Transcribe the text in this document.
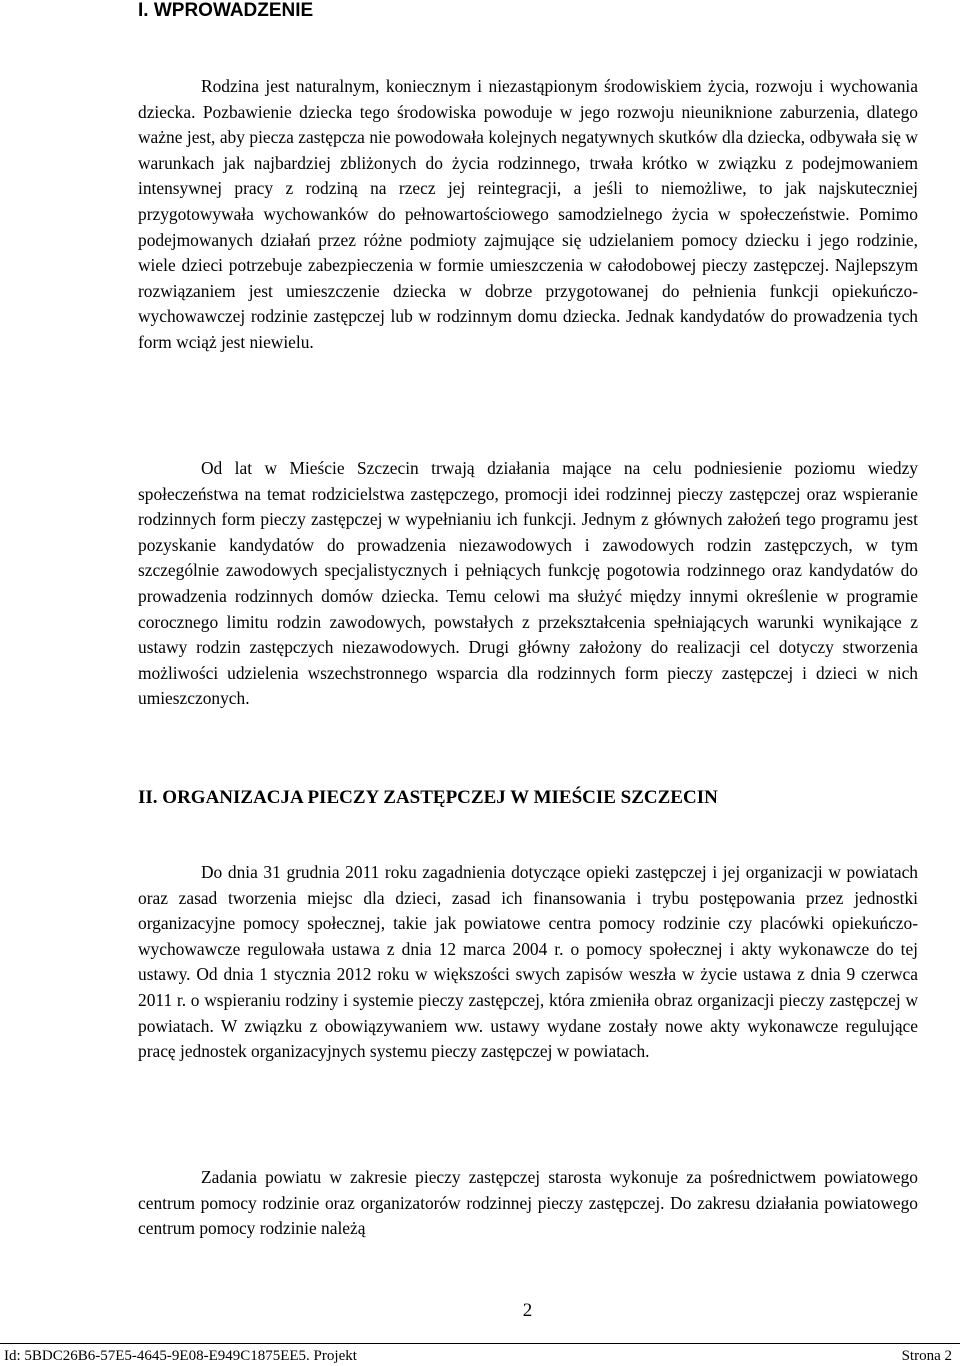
I. WPROWADZENIE

Rodzina jest naturalnym, koniecznym i niezastąpionym środowiskiem życia, rozwoju i wychowania dziecka. Pozbawienie dziecka tego środowiska powoduje w jego rozwoju nieuniknione zaburzenia, dlatego ważne jest, aby piecza zastępcza nie powodowała kolejnych negatywnych skutków dla dziecka, odbywała się w warunkach jak najbardziej zbliżonych do życia rodzinnego, trwała krótko w związku z podejmowaniem intensywnej pracy z rodziną na rzecz jej reintegracji, a jeśli to niemożliwe, to jak najskuteczniej przygotowywała wychowanków do pełnowartościowego samodzielnego życia w społeczeństwie. Pomimo podejmowanych działań przez różne podmioty zajmujące się udzielaniem pomocy dziecku i jego rodzinie, wiele dzieci potrzebuje zabezpieczenia w formie umieszczenia w całodobowej pieczy zastępczej. Najlepszym rozwiązaniem jest umieszczenie dziecka w dobrze przygotowanej do pełnienia funkcji opiekuńczo-wychowawczej rodzinie zastępczej lub w rodzinnym domu dziecka. Jednak kandydatów do prowadzenia tych form wciąż jest niewielu.

Od lat w Mieście Szczecin trwają działania mające na celu podniesienie poziomu wiedzy społeczeństwa na temat rodzicielstwa zastępczego, promocji idei rodzinnej pieczy zastępczej oraz wspieranie rodzinnych form pieczy zastępczej w wypełnianiu ich funkcji. Jednym z głównych założeń tego programu jest pozyskanie kandydatów do prowadzenia niezawodowych i zawodowych rodzin zastępczych, w tym szczególnie zawodowych specjalistycznych i pełniących funkcję pogotowia rodzinnego oraz kandydatów do prowadzenia rodzinnych domów dziecka. Temu celowi ma służyć między innymi określenie w programie corocznego limitu rodzin zawodowych, powstałych z przekształcenia spełniających warunki wynikające z ustawy rodzin zastępczych niezawodowych. Drugi główny założony do realizacji cel dotyczy stworzenia możliwości udzielenia wszechstronnego wsparcia dla rodzinnych form pieczy zastępczej i dzieci w nich umieszczonych.

II. ORGANIZACJA PIECZY ZASTĘPCZEJ W MIEŚCIE SZCZECIN

Do dnia 31 grudnia 2011 roku zagadnienia dotyczące opieki zastępczej i jej organizacji w powiatach oraz zasad tworzenia miejsc dla dzieci, zasad ich finansowania i trybu postępowania przez jednostki organizacyjne pomocy społecznej, takie jak powiatowe centra pomocy rodzinie czy placówki opiekuńczo-wychowawcze regulowała ustawa z dnia 12 marca 2004 r. o pomocy społecznej i akty wykonawcze do tej ustawy. Od dnia 1 stycznia 2012 roku w większości swych zapisów weszła w życie ustawa z dnia 9 czerwca 2011 r. o wspieraniu rodziny i systemie pieczy zastępczej, która zmieniła obraz organizacji pieczy zastępczej w powiatach. W związku z obowiązywaniem ww. ustawy wydane zostały nowe akty wykonawcze regulujące pracę jednostek organizacyjnych systemu pieczy zastępczej w powiatach.

Zadania powiatu w zakresie pieczy zastępczej starosta wykonuje za pośrednictwem powiatowego centrum pomocy rodzinie oraz organizatorów rodzinnej pieczy zastępczej. Do zakresu działania powiatowego centrum pomocy rodzinie należą

2

Id: 5BDC26B6-57E5-4645-9E08-E949C1875EE5. Projekt	Strona 2
